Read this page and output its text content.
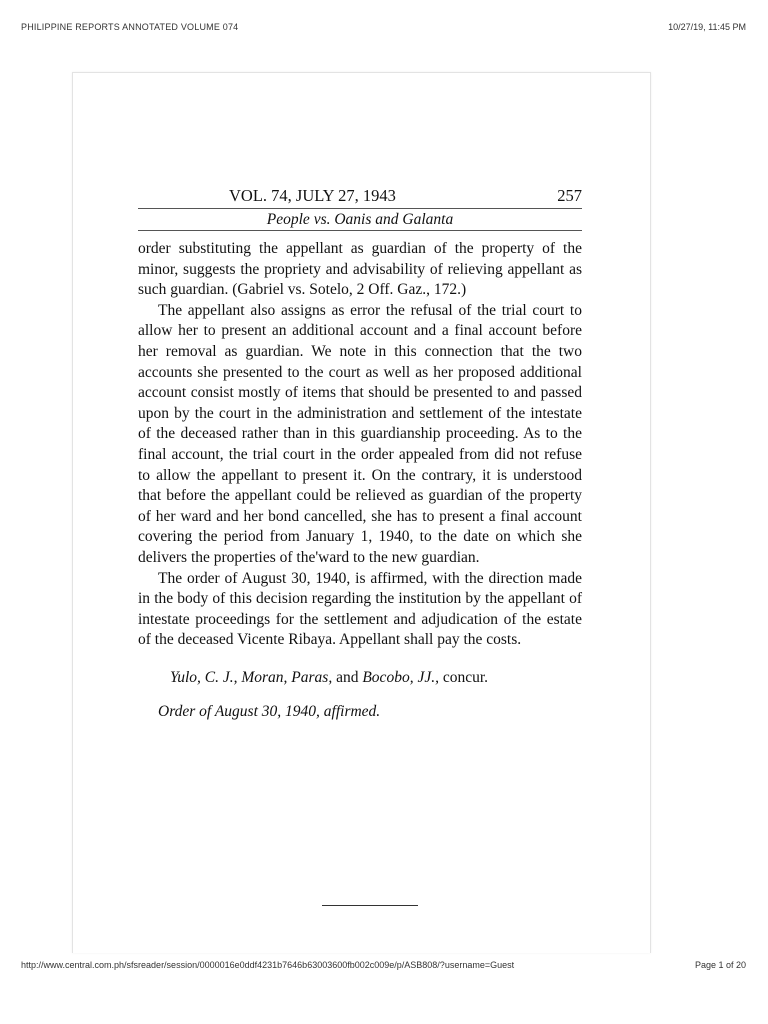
PHILIPPINE REPORTS ANNOTATED VOLUME 074	10/27/19, 11:45 PM
VOL. 74, JULY 27, 1943	257
People vs. Oanis and Galanta

order substituting the appellant as guardian of the property of the minor, suggests the propriety and advisability of relieving appellant as such guardian. (Gabriel vs. Sotelo, 2 Off. Gaz., 172.)

The appellant also assigns as error the refusal of the trial court to allow her to present an additional account and a final account before her removal as guardian. We note in this connection that the two accounts she presented to the court as well as her proposed additional account consist mostly of items that should be presented to and passed upon by the court in the administration and settlement of the intestate of the deceased rather than in this guardianship proceeding. As to the final account, the trial court in the order appealed from did not refuse to allow the appellant to present it. On the contrary, it is understood that before the appellant could be relieved as guardian of the property of her ward and her bond cancelled, she has to present a final account covering the period from January 1, 1940, to the date on which she delivers the properties of the'ward to the new guardian.

The order of August 30, 1940, is affirmed, with the direction made in the body of this decision regarding the institution by the appellant of intestate proceedings for the settlement and adjudication of the estate of the deceased Vicente Ribaya. Appellant shall pay the costs.

Yulo, C. J., Moran, Paras, and Bocobo, JJ., concur.
Order of August 30, 1940, affirmed.
http://www.central.com.ph/sfsreader/session/0000016e0ddf4231b7646b63003600fb002c009e/p/ASB808/?username=Guest	Page 1 of 20
